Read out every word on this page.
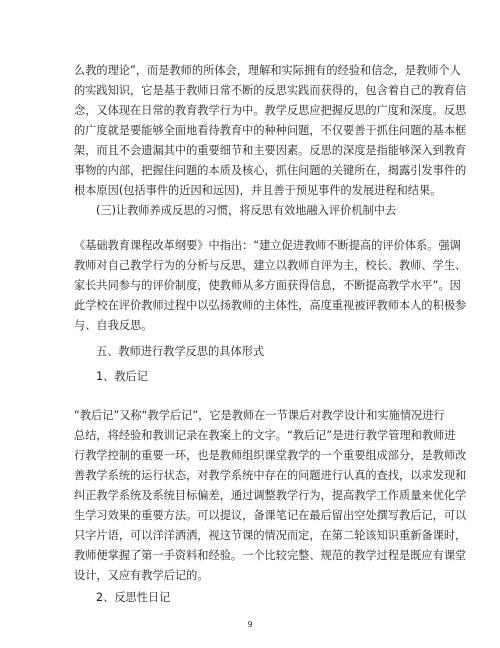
么教的理论”，而是教师的所体会，理解和实际拥有的经验和信念，是教师个人
的实践知识，它是基于教师日常不断的反思实践而获得的，包含着自己的教育信
念，又体现在日常的教育教学行为中。教学反思应把握反思的广度和深度。反思
的广度就是要能够全面地看待教育中的种种问题，不仅要善于抓住问题的基本框
架，而且不会遗漏其中的重要细节和主要因素。反思的深度是指能够深入到教育
事物的内部，把握住问题的本质及核心，抓住问题的关键所在，揭露引发事件的
根本原因(包括事件的近因和远因)，并且善于预见事件的发展进程和结果。
(三)让教师养成反思的习惯，将反思有效地融入评价机制中去
《基础教育课程改革纲要》中指出：“建立促进教师不断提高的评价体系。强调
教师对自己教学行为的分析与反思，建立以教师自评为主，校长、教师、学生、
家长共同参与的评价制度，使教师从多方面获得信息，不断提高教学水平”。因
此学校在评价教师过程中以弘扬教师的主体性，高度重视被评教师本人的积极参
与、自我反思。
五、教师进行教学反思的具体形式
1、教后记
“教后记”又称“教学后记”，它是教师在一节课后对教学设计和实施情况进行
总结，将经验和教训记录在教案上的文字。“教后记”是进行教学管理和教师进
行教学控制的重要一环，也是教师组织课堂教学的一个重要组成部分，是教师改
善教学系统的运行状态，对教学系统中存在的问题进行认真的查找，以求发现和
纠正教学系统及系统目标偏差，通过调整教学行为，提高教学工作质量来优化学
生学习效果的重要方法。可以提议，备课笔记在最后留出空处撰写教后记，可以
只字片语，可以洋洋洒洒，视这节课的情况而定，在第二轮该知识重新备课时，
教师便掌握了第一手资料和经验。一个比较完整、规范的教学过程是既应有课堂
设计，又应有教学后记的。
2、反思性日记
9
